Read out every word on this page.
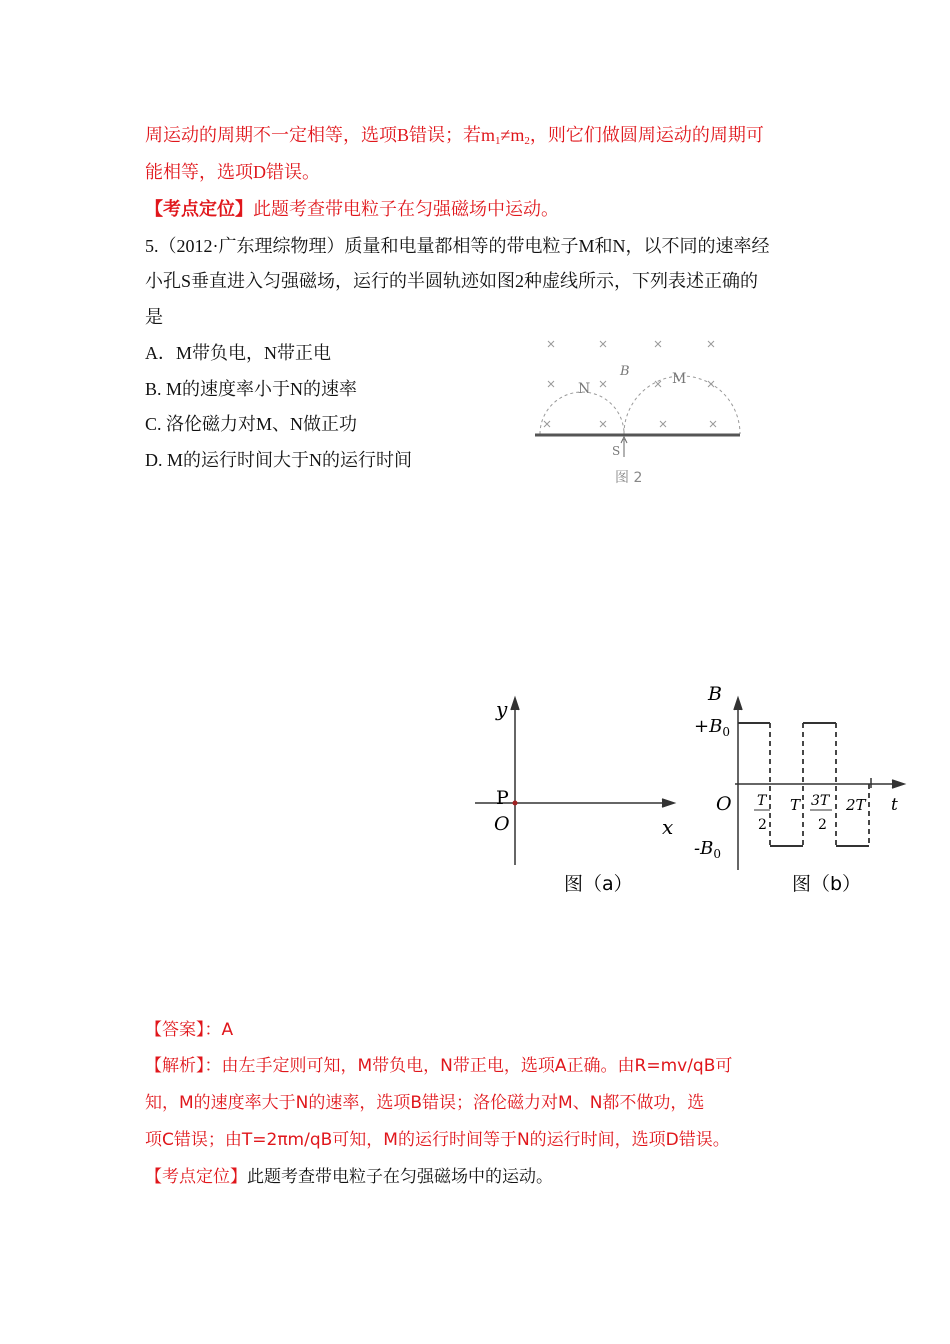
周运动的周期不一定相等，选项B错误；若$m_1\ne m_2$，则它们做圆周运动的周期可
能相等，选项D错误。
【考点定位】此题考查带电粒子在匀强磁场中运动。
5.（2012·广东理综物理）质量和电量都相等的带电粒子M和N，以不同的速率经
小孔S垂直进入匀强磁场，运行的半圆轨迹如图2种虚线所示，下列表述正确的
是
A．M带负电，N带正电
B. M的速度率小于N的速率
C. 洛伦磁力对M、N做正功
D. M的运行时间大于N的运行时间
B
N
M
S
图 2
y
x
P
O
图（a）
B
$+B_0$
$-B_0$
O T
2
T 3T
2
2T t
图（b）
【答案】：A
【解析】：由左手定则可知，M带负电，N带正电，选项A正确。由R=mv/qB可
知，M的速度率大于N的速率，选项B错误；洛伦磁力对M、N都不做功，选
项C错误；由T=2πm/qB可知，M的运行时间等于N的运行时间，选项D错误。
【考点定位】此题考查带电粒子在匀强磁场中的运动。
